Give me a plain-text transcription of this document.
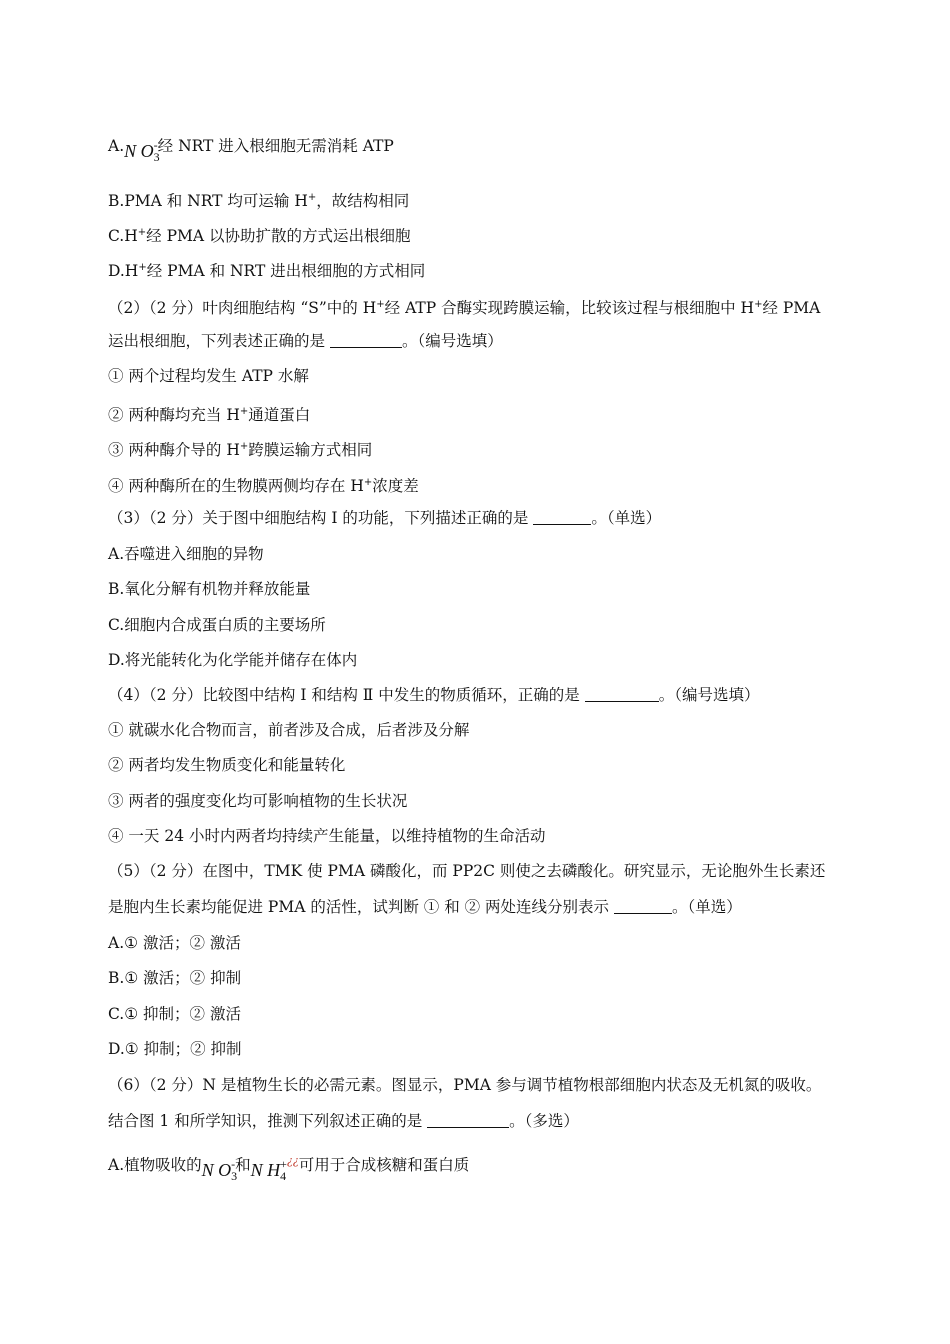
A.N $O_3^-$经 NRT 进入根细胞无需消耗 ATP
B.PMA 和 NRT 均可运输 H+，故结构相同
C.H+经 PMA 以协助扩散的方式运出根细胞
D.H+经 PMA 和 NRT 进出根细胞的方式相同
（2）（2 分）叶肉细胞结构 “S”中的 H+经 ATP 合酶实现跨膜运输，比较该过程与根细胞中 H+经 PMA
运出根细胞，下列表述正确的是	。（编号选填）
① 两个过程均发生 ATP 水解
② 两种酶均充当 H+通道蛋白
③ 两种酶介导的 H+跨膜运输方式相同
④ 两种酶所在的生物膜两侧均存在 H+浓度差
（3）（2 分）关于图中细胞结构 Ⅰ 的功能，下列描述正确的是	。（单选）
A.吞噬进入细胞的异物
B.氧化分解有机物并释放能量
C.细胞内合成蛋白质的主要场所
D.将光能转化为化学能并储存在体内
（4）（2 分）比较图中结构 Ⅰ 和结构 Ⅱ 中发生的物质循环，正确的是	。（编号选填）
① 就碳水化合物而言，前者涉及合成，后者涉及分解
② 两者均发生物质变化和能量转化
③ 两者的强度变化均可影响植物的生长状况
④ 一天 24 小时内两者均持续产生能量，以维持植物的生命活动
（5）（2 分）在图中，TMK 使 PMA 磷酸化，而 PP2C 则使之去磷酸化。研究显示，无论胞外生长素还
是胞内生长素均能促进 PMA 的活性，试判断 ① 和 ② 两处连线分别表示	。（单选）
A.① 激活；② 激活
B.① 激活；② 抑制
C.① 抑制；② 激活
D.① 抑制；② 抑制
（6）（2 分）N 是植物生长的必需元素。图显示，PMA 参与调节植物根部细胞内状态及无机氮的吸收。
结合图 1 和所学知识，推测下列叙述正确的是	。（多选）
A.植物吸收的N $O_3^-$和N $H_4^{+¿¿}$可用于合成核糖和蛋白质
